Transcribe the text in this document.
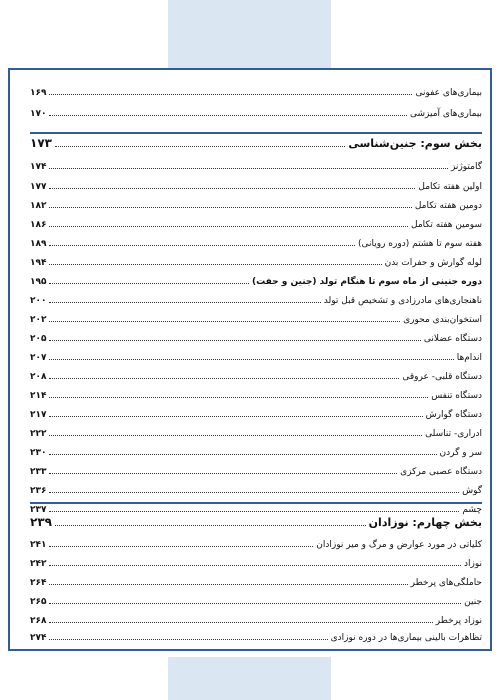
بیماری‌های عفونی
۱۶۹
بیماری‌های آمیزشی
۱۷۰
بخش سوم: جنین‌شناسی
۱۷۳
گامتوژنز
۱۷۴
اولین هفته تکامل
۱۷۷
دومین هفته تکامل
۱۸۲
سومین هفته تکامل
۱۸۶
هفته سوم تا هشتم (دوره رویانی)
۱۸۹
لوله گوارش و حفرات بدن
۱۹۴
دوره جنینی از ماه سوم تا هنگام تولد (جنین و جفت)
۱۹۵
ناهنجاری‌های مادرزادی و تشخیص قبل تولد
۲۰۰
استخوان‌بندی محوری
۲۰۲
دستگاه عضلانی
۲۰۵
اندام‌ها
۲۰۷
دستگاه قلبی- عروقی
۲۰۸
دستگاه تنفس
۲۱۴
دستگاه گوارش
۲۱۷
ادراری- تناسلی
۲۲۲
سر و گردن
۲۳۰
دستگاه عصبی مرکزی
۲۳۳
گوش
۲۳۶
چشم
۲۳۷
بخش چهارم: نوزادان
۲۳۹
کلیاتی در مورد عوارض و مرگ و میر نوزادان
۲۴۱
نوزاد
۲۴۲
حاملگی‌های پرخطر
۲۶۴
جنین
۲۶۵
نوزاد پرخطر
۲۶۸
تظاهرات بالینی بیماری‌ها در دوره نوزادی
۲۷۴
